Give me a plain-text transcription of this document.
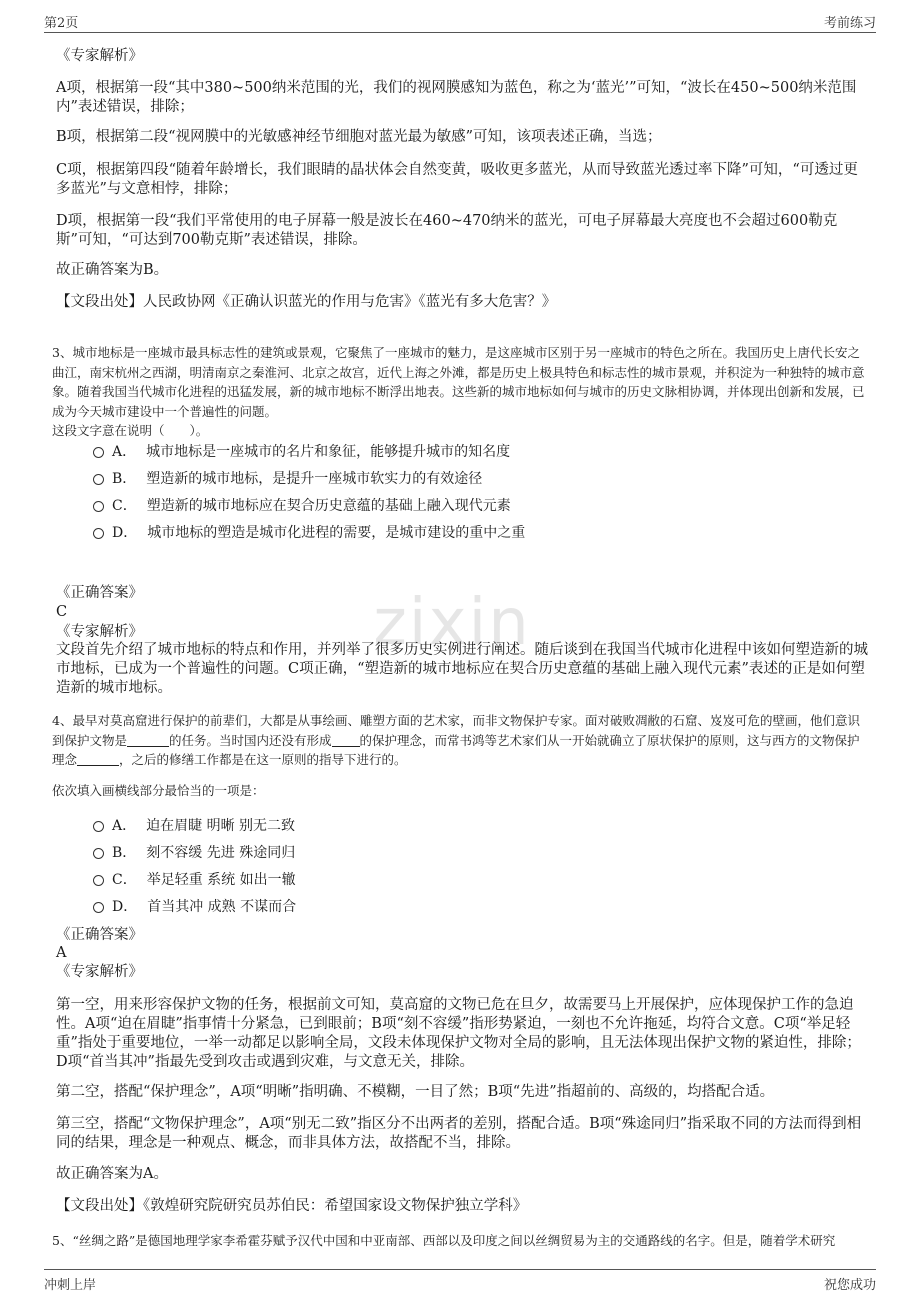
第2页	考前练习
zixin
《专家解析》
A项，根据第一段“其中380~500纳米范围的光，我们的视网膜感知为蓝色，称之为‘蓝光’”可知，“波长在450~500纳米范围内”表述错误，排除；
B项，根据第二段“视网膜中的光敏感神经节细胞对蓝光最为敏感”可知，该项表述正确，当选；
C项，根据第四段“随着年龄增长，我们眼睛的晶状体会自然变黄，吸收更多蓝光，从而导致蓝光透过率下降”可知，“可透过更多蓝光”与文意相悖，排除；
D项，根据第一段“我们平常使用的电子屏幕一般是波长在460~470纳米的蓝光，可电子屏幕最大亮度也不会超过600勒克斯”可知，“可达到700勒克斯”表述错误，排除。
故正确答案为B。
【文段出处】人民政协网《正确认识蓝光的作用与危害》《蓝光有多大危害？》
3、城市地标是一座城市最具标志性的建筑或景观，它聚焦了一座城市的魅力，是这座城市区别于另一座城市的特色之所在。我国历史上唐代长安之曲江，南宋杭州之西湖，明清南京之秦淮河、北京之故宫，近代上海之外滩，都是历史上极具特色和标志性的城市景观，并积淀为一种独特的城市意象。随着我国当代城市化进程的迅猛发展，新的城市地标不断浮出地表。这些新的城市地标如何与城市的历史文脉相协调，并体现出创新和发展，已成为今天城市建设中一个普遍性的问题。
这段文字意在说明（　　）。
A． 城市地标是一座城市的名片和象征，能够提升城市的知名度
B． 塑造新的城市地标，是提升一座城市软实力的有效途径
C． 塑造新的城市地标应在契合历史意蕴的基础上融入现代元素
D． 城市地标的塑造是城市化进程的需要，是城市建设的重中之重
《正确答案》
C
《专家解析》
文段首先介绍了城市地标的特点和作用，并列举了很多历史实例进行阐述。随后谈到在我国当代城市化进程中该如何塑造新的城市地标，已成为一个普遍性的问题。C项正确，“塑造新的城市地标应在契合历史意蕴的基础上融入现代元素”表述的正是如何塑造新的城市地标。
4、最早对莫高窟进行保护的前辈们，大都是从事绘画、雕塑方面的艺术家，而非文物保护专家。面对破败凋敝的石窟、岌岌可危的壁画，他们意识到保护文物是	的任务。当时国内还没有形成 的保护理念，而常书鸿等艺术家们从一开始就确立了原状保护的原则，这与西方的文物保护理念	，之后的修缮工作都是在这一原则的指导下进行的。
依次填入画横线部分最恰当的一项是：
A． 迫在眉睫 明晰 别无二致
B． 刻不容缓 先进 殊途同归
C． 举足轻重 系统 如出一辙
D． 首当其冲 成熟 不谋而合
《正确答案》
A
《专家解析》
第一空，用来形容保护文物的任务，根据前文可知，莫高窟的文物已危在旦夕，故需要马上开展保护，应体现保护工作的急迫性。A项“迫在眉睫”指事情十分紧急，已到眼前；B项“刻不容缓”指形势紧迫，一刻也不允许拖延，均符合文意。C项“举足轻重”指处于重要地位，一举一动都足以影响全局，文段未体现保护文物对全局的影响，且无法体现出保护文物的紧迫性，排除；D项“首当其冲”指最先受到攻击或遇到灾难，与文意无关，排除。
第二空，搭配“保护理念”，A项“明晰”指明确、不模糊，一目了然；B项“先进”指超前的、高级的，均搭配合适。
第三空，搭配“文物保护理念”，A项“别无二致”指区分不出两者的差别，搭配合适。B项“殊途同归”指采取不同的方法而得到相同的结果，理念是一种观点、概念，而非具体方法，故搭配不当，排除。
故正确答案为A。
【文段出处】《敦煌研究院研究员苏伯民：希望国家设文物保护独立学科》
5、“丝绸之路”是德国地理学家李希霍芬赋予汉代中国和中亚南部、西部以及印度之间以丝绸贸易为主的交通路线的名字。但是，随着学术研究
冲刺上岸	祝您成功
